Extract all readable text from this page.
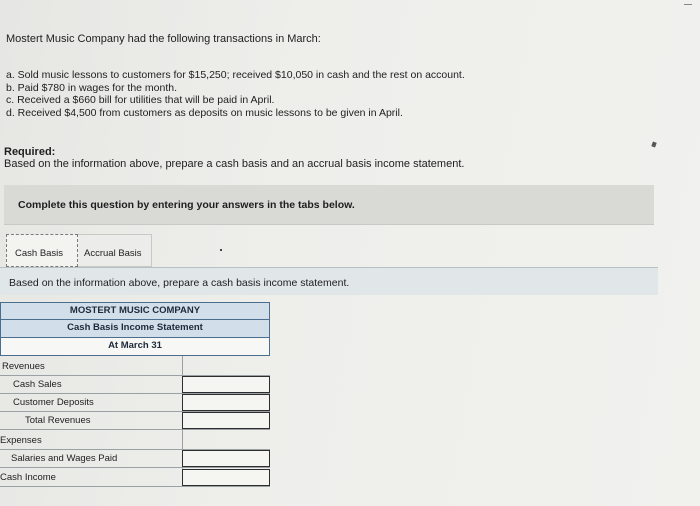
Mostert Music Company had the following transactions in March:
a. Sold music lessons to customers for $15,250; received $10,050 in cash and the rest on account.
b. Paid $780 in wages for the month.
c. Received a $660 bill for utilities that will be paid in April.
d. Received $4,500 from customers as deposits on music lessons to be given in April.
Required:
Based on the information above, prepare a cash basis and an accrual basis income statement.
Complete this question by entering your answers in the tabs below.
Cash Basis	Accrual Basis
Based on the information above, prepare a cash basis income statement.
MOSTERT MUSIC COMPANY
Cash Basis Income Statement
At March 31
Revenues
Cash Sales
Customer Deposits
Total Revenues
Expenses
Salaries and Wages Paid
Cash Income
